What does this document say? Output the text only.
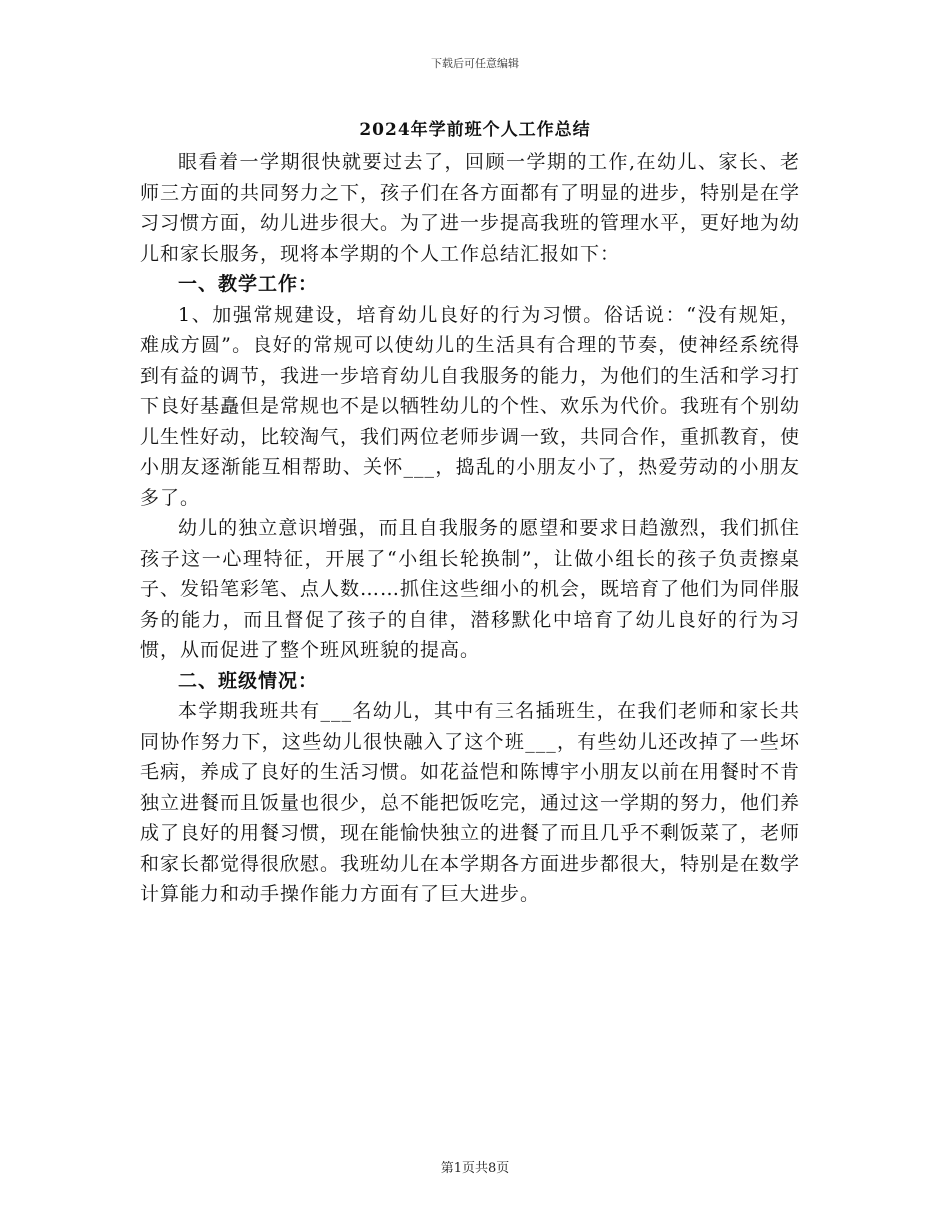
下载后可任意编辑
2024年学前班个人工作总结

眼看着一学期很快就要过去了，回顾一学期的工作,在幼儿、家长、老师三方面的共同努力之下，孩子们在各方面都有了明显的进步，特别是在学习习惯方面，幼儿进步很大。为了进一步提高我班的管理水平，更好地为幼儿和家长服务，现将本学期的个人工作总结汇报如下：

一、教学工作：

1、加强常规建设，培育幼儿良好的行为习惯。俗话说：“没有规矩，难成方圆”。良好的常规可以使幼儿的生活具有合理的节奏，使神经系统得到有益的调节，我进一步培育幼儿自我服务的能力，为他们的生活和学习打下良好基矗但是常规也不是以牺牲幼儿的个性、欢乐为代价。我班有个别幼儿生性好动，比较淘气，我们两位老师步调一致，共同合作，重抓教育，使小朋友逐渐能互相帮助、关怀___，捣乱的小朋友小了，热爱劳动的小朋友多了。

幼儿的独立意识增强，而且自我服务的愿望和要求日趋激烈，我们抓住孩子这一心理特征，开展了“小组长轮换制”，让做小组长的孩子负责擦桌子、发铅笔彩笔、点人数……抓住这些细小的机会，既培育了他们为同伴服务的能力，而且督促了孩子的自律，潜移默化中培育了幼儿良好的行为习惯，从而促进了整个班风班貌的提高。

二、班级情况：

本学期我班共有___名幼儿，其中有三名插班生，在我们老师和家长共同协作努力下，这些幼儿很快融入了这个班___，有些幼儿还改掉了一些坏毛病，养成了良好的生活习惯。如花益恺和陈博宇小朋友以前在用餐时不肯独立进餐而且饭量也很少，总不能把饭吃完，通过这一学期的努力，他们养成了良好的用餐习惯，现在能愉快独立的进餐了而且几乎不剩饭菜了，老师和家长都觉得很欣慰。我班幼儿在本学期各方面进步都很大，特别是在数学计算能力和动手操作能力方面有了巨大进步。

第1页共8页
